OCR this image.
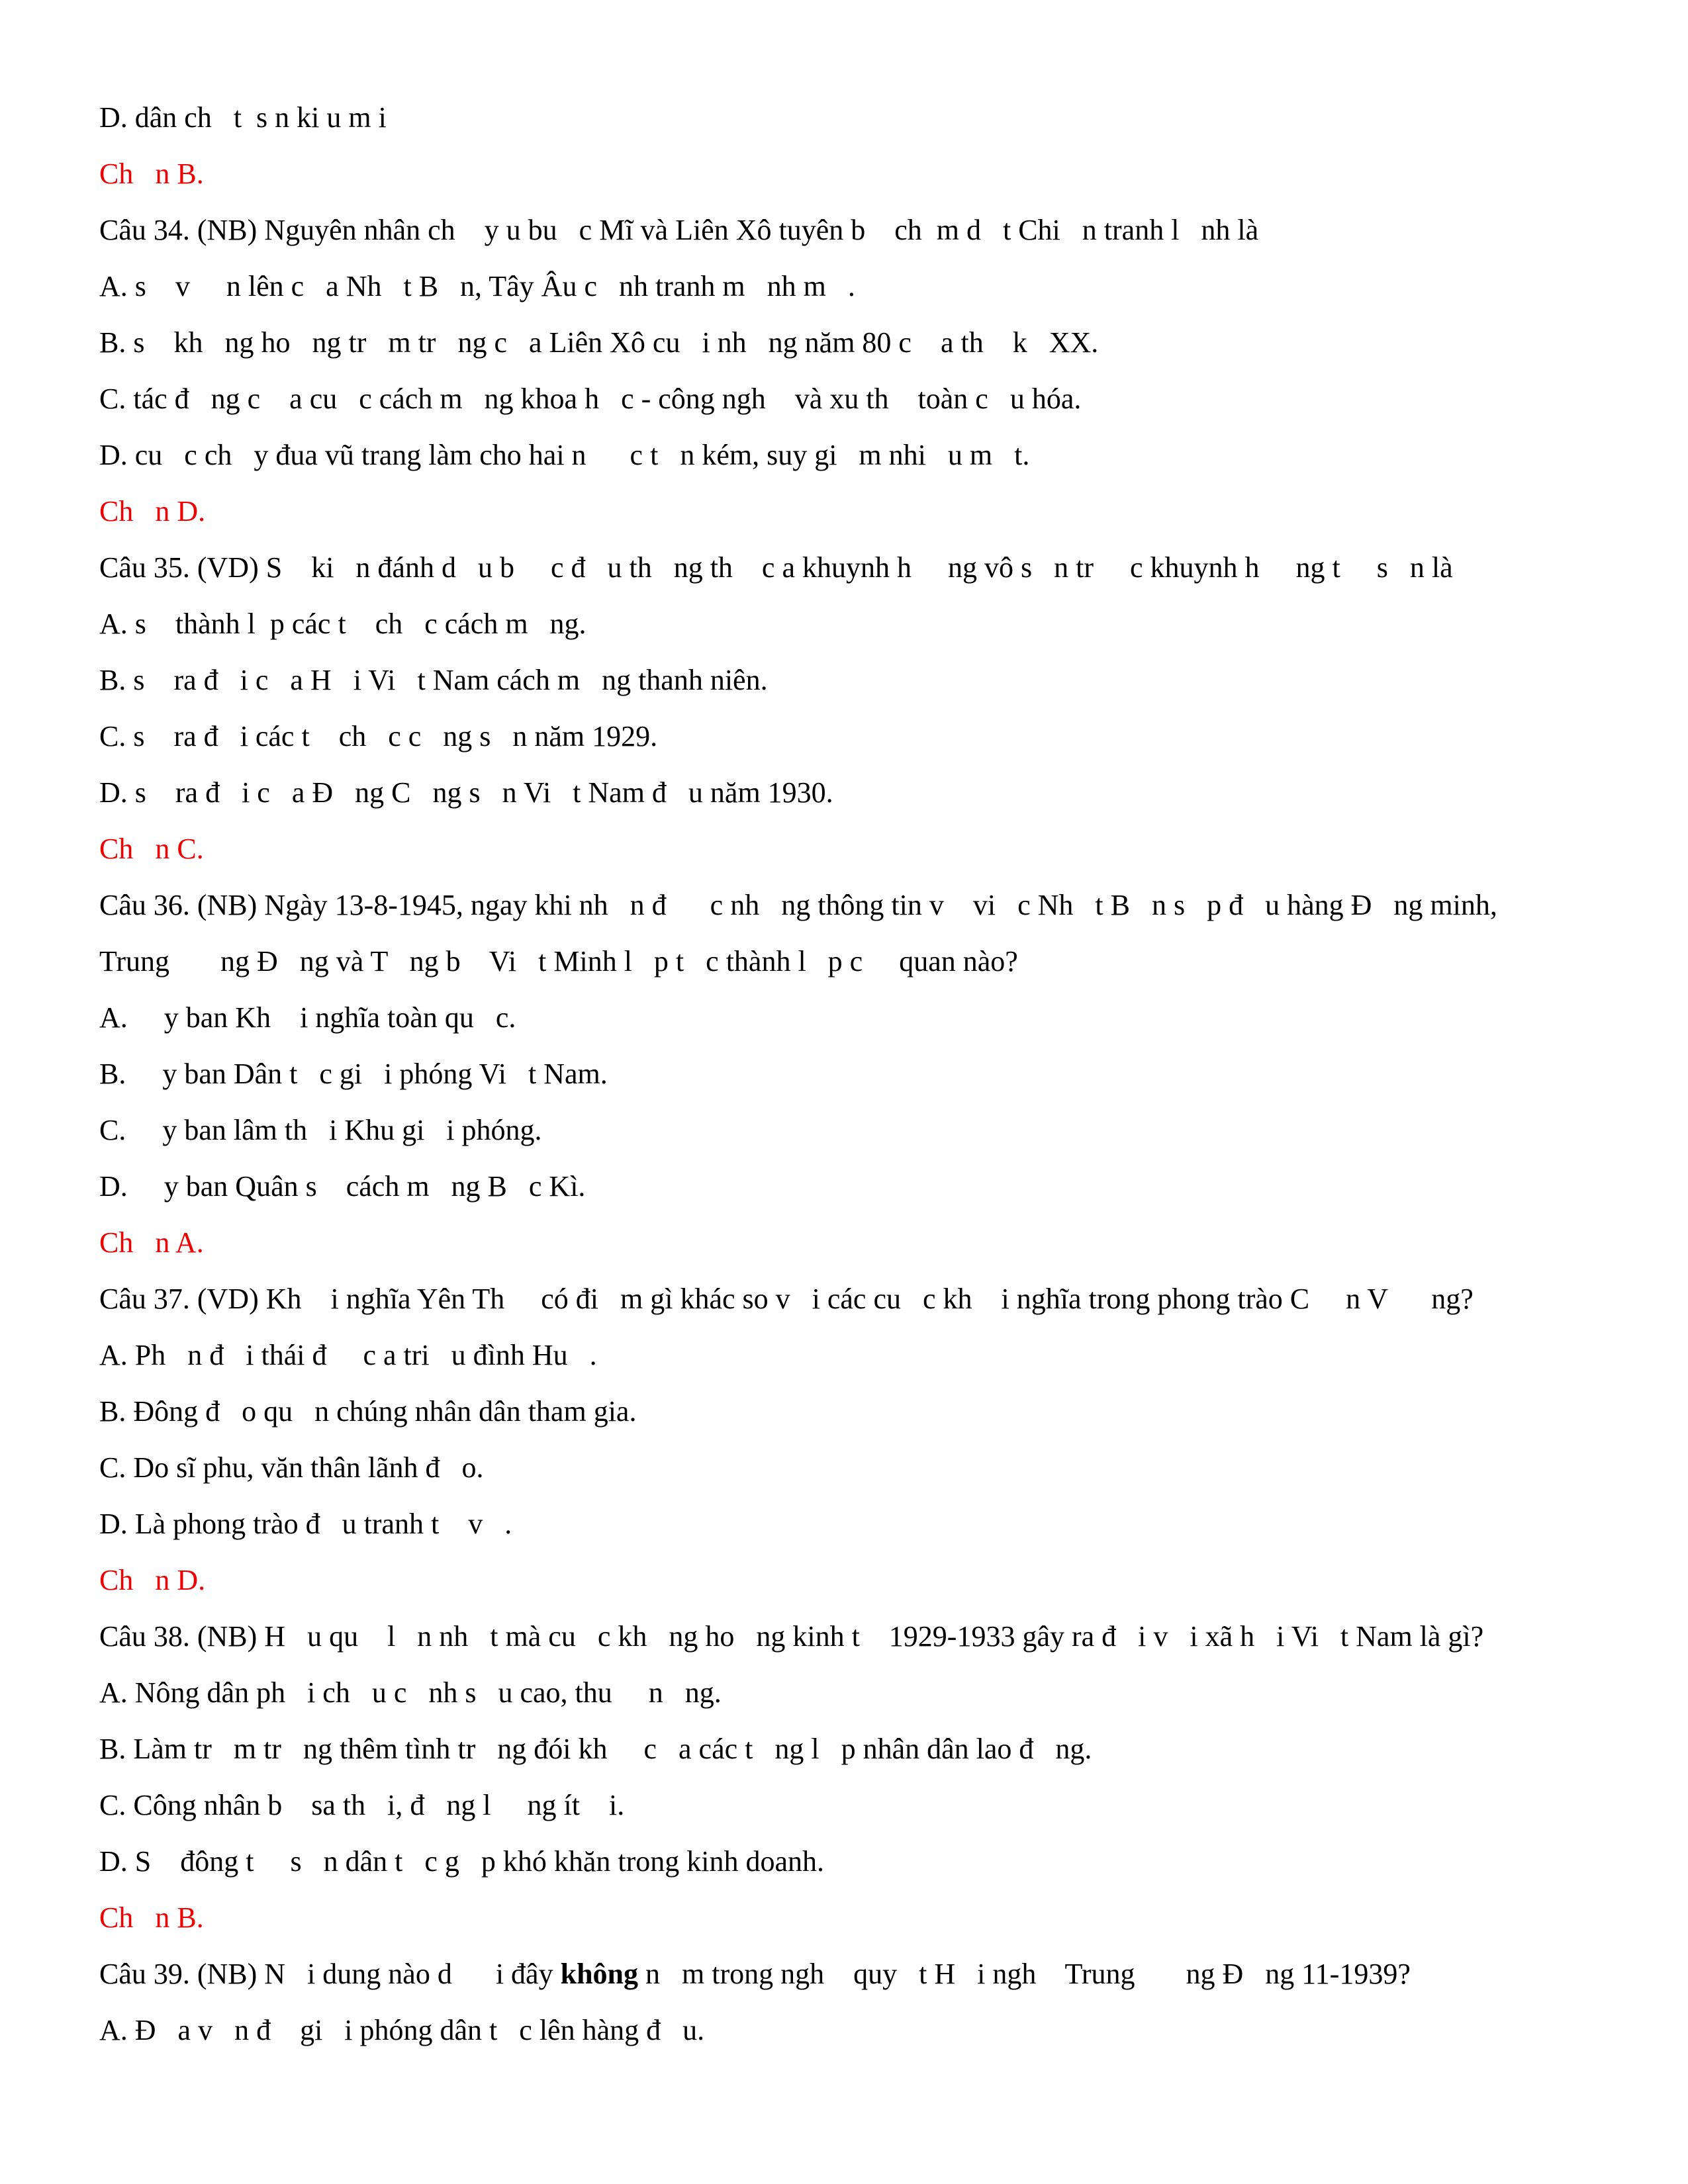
D. dân ch   t  s n ki u m i
Ch   n B.
Câu 34. (NB) Nguyên nhân ch    y u bu   c Mĩ và Liên Xô tuyên b    ch  m d   t Chi   n tranh l   nh là
A. s    v     n lên c   a Nh   t B   n, Tây Âu c   nh tranh m   nh m   .
B. s    kh   ng ho   ng tr   m tr   ng c   a Liên Xô cu   i nh   ng năm 80 c    a th    k   XX.
C. tác đ   ng c    a cu   c cách m   ng khoa h   c - công ngh    và xu th    toàn c   u hóa.
D. cu   c ch   y đua vũ trang làm cho hai n      c t   n kém, suy gi   m nhi   u m   t.
Ch   n D.
Câu 35. (VD) S    ki   n đánh d   u b     c đ   u th   ng th    c a khuynh h     ng vô s   n tr     c khuynh h     ng t     s   n là
A. s    thành l  p các t    ch   c cách m   ng.
B. s    ra đ   i c   a H   i Vi   t Nam cách m   ng thanh niên.
C. s    ra đ   i các t    ch   c c   ng s   n năm 1929.
D. s    ra đ   i c   a Đ   ng C   ng s   n Vi   t Nam đ   u năm 1930.
Ch   n C.
Câu 36. (NB) Ngày 13-8-1945, ngay khi nh   n đ      c nh   ng thông tin v    vi   c Nh   t B   n s   p đ   u hàng Đ   ng minh,
Trung       ng Đ   ng và T   ng b    Vi   t Minh l   p t   c thành l   p c     quan nào?
A.     y ban Kh    i nghĩa toàn qu   c.
B.     y ban Dân t   c gi   i phóng Vi   t Nam.
C.     y ban lâm th   i Khu gi   i phóng.
D.     y ban Quân s    cách m   ng B   c Kì.
Ch   n A.
Câu 37. (VD) Kh    i nghĩa Yên Th     có đi   m gì khác so v   i các cu   c kh    i nghĩa trong phong trào C     n V      ng?
A. Ph   n đ   i thái đ     c a tri   u đình Hu   .
B. Đông đ   o qu   n chúng nhân dân tham gia.
C. Do sĩ phu, văn thân lãnh đ   o.
D. Là phong trào đ   u tranh t    v   .
Ch   n D.
Câu 38. (NB) H   u qu    l   n nh   t mà cu   c kh   ng ho   ng kinh t    1929-1933 gây ra đ   i v   i xã h   i Vi   t Nam là gì?
A. Nông dân ph   i ch   u c   nh s   u cao, thu     n   ng.
B. Làm tr   m tr   ng thêm tình tr   ng đói kh     c   a các t   ng l   p nhân dân lao đ   ng.
C. Công nhân b    sa th   i, đ   ng l     ng ít    i.
D. S    đông t     s   n dân t   c g   p khó khăn trong kinh doanh.
Ch   n B.
Câu 39. (NB) N   i dung nào d      i đây không n   m trong ngh    quy   t H   i ngh    Trung       ng Đ   ng 11-1939?
A. Đ   a v   n đ    gi   i phóng dân t   c lên hàng đ   u.
